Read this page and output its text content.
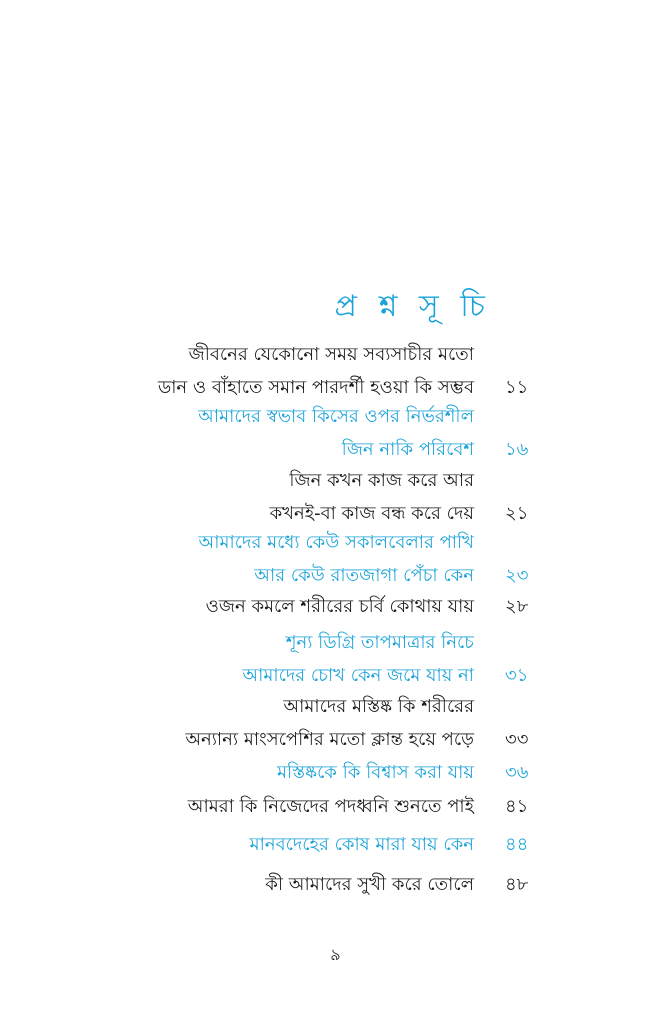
প্র শ্ন সূ চি
জীবনের যেকোনো সময় সব্যসাচীর মতো
ডান ও বাঁহাতে সমান পারদর্শী হওয়া কি সম্ভব ১১
আমাদের স্বভাব কিসের ওপর নির্ভরশীল
জিন নাকি পরিবেশ ১৬
জিন কখন কাজ করে আর
কখনই-বা কাজ বন্ধ করে দেয় ২১
আমাদের মধ্যে কেউ সকালবেলার পাখি
আর কেউ রাতজাগা পেঁচা কেন ২৩
ওজন কমলে শরীরের চর্বি কোথায় যায় ২৮
শূন্য ডিগ্রি তাপমাত্রার নিচে
আমাদের চোখ কেন জমে যায় না ৩১
আমাদের মস্তিষ্ক কি শরীরের
অন্যান্য মাংসপেশির মতো ক্লান্ত হয়ে পড়ে ৩৩
মস্তিষ্ককে কি বিশ্বাস করা যায় ৩৬
আমরা কি নিজেদের পদধ্বনি শুনতে পাই ৪১
মানবদেহের কোষ মারা যায় কেন ৪৪
কী আমাদের সুখী করে তোলে ৪৮
৯
